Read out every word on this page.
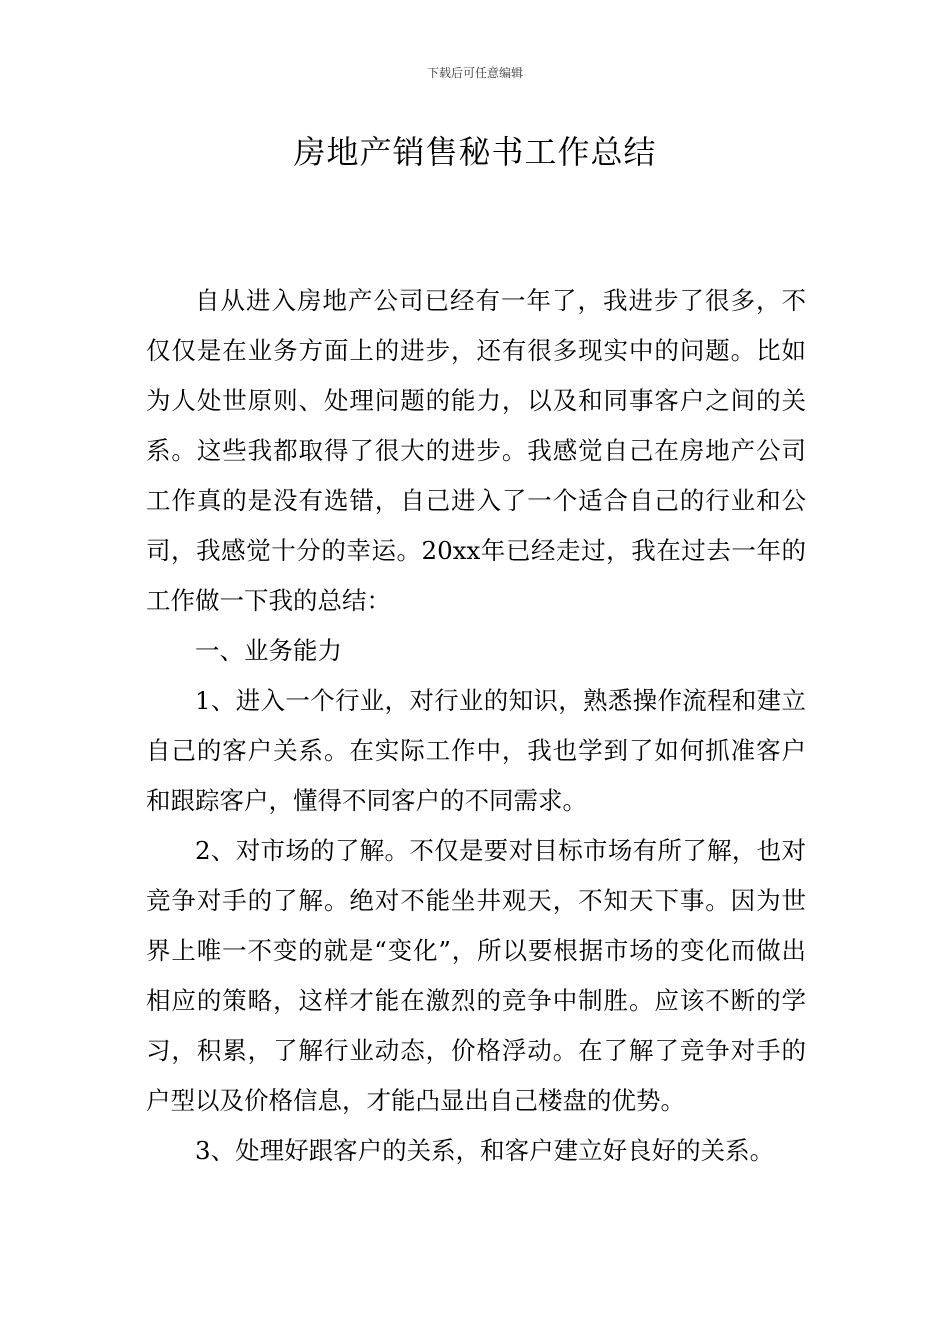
下载后可任意编辑
房地产销售秘书工作总结

自从进入房地产公司已经有一年了，我进步了很多，不仅仅是在业务方面上的进步，还有很多现实中的问题。比如为人处世原则、处理问题的能力，以及和同事客户之间的关系。这些我都取得了很大的进步。我感觉自己在房地产公司工作真的是没有选错，自己进入了一个适合自己的行业和公司，我感觉十分的幸运。20xx年已经走过，我在过去一年的工作做一下我的总结：

一、业务能力

1、进入一个行业，对行业的知识，熟悉操作流程和建立自己的客户关系。在实际工作中，我也学到了如何抓准客户和跟踪客户，懂得不同客户的不同需求。

2、对市场的了解。不仅是要对目标市场有所了解，也对竞争对手的了解。绝对不能坐井观天，不知天下事。因为世界上唯一不变的就是“变化”，所以要根据市场的变化而做出相应的策略，这样才能在激烈的竞争中制胜。应该不断的学习，积累，了解行业动态，价格浮动。在了解了竞争对手的户型以及价格信息，才能凸显出自己楼盘的优势。

3、处理好跟客户的关系，和客户建立好良好的关系。
